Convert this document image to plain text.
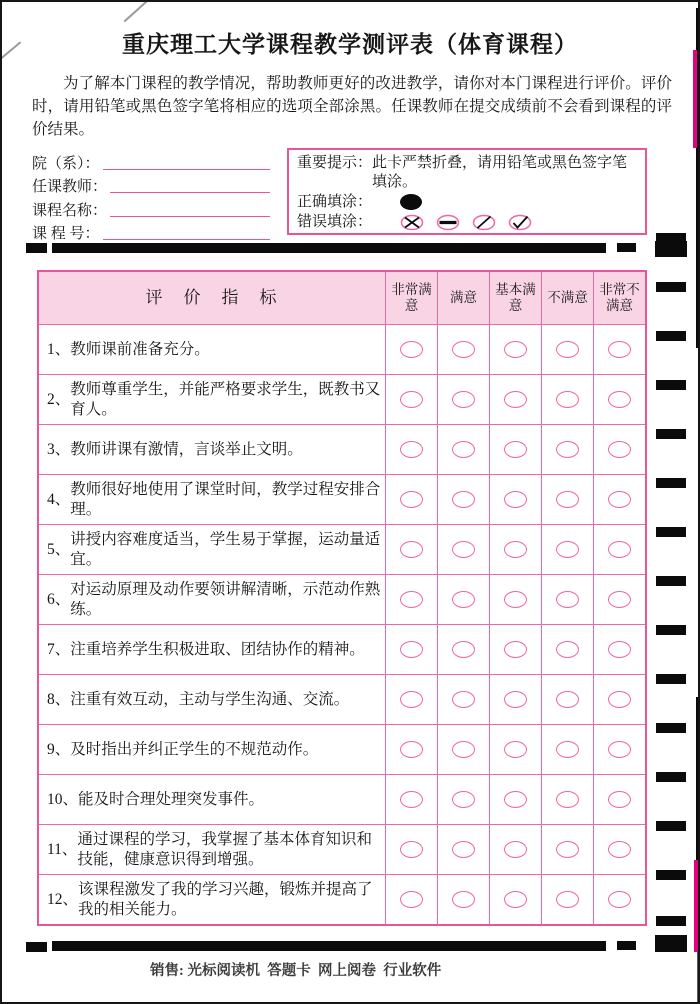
重庆理工大学课程教学测评表（体育课程）
为了解本门课程的教学情况，帮助教师更好的改进教学，请你对本门课程进行评价。评价时，请用铅笔或黑色签字笔将相应的选项全部涂黑。任课教师在提交成绩前不会看到课程的评价结果。
院（系）：
任课教师：
课程名称：
课 程 号：
重要提示： 此卡严禁折叠，请用铅笔或黑色签字笔填涂。
正确填涂：
错误填涂：
评　价　指　标	非常满意
满意
基本满意
不满意
非常不满意
1、 教师课前准备充分。
2、
教师尊重学生，并能严格要求学生，既教书又育人。
3、 教师讲课有激情，言谈举止文明。
4、
教师很好地使用了课堂时间，教学过程安排合理。
5、
讲授内容难度适当，学生易于掌握，运动量适宜。
6、
对运动原理及动作要领讲解清晰，示范动作熟练。
7、 注重培养学生积极进取、团结协作的精神。
8、 注重有效互动，主动与学生沟通、交流。
9、 及时指出并纠正学生的不规范动作。
10、 能及时合理处理突发事件。
11、
通过课程的学习，我掌握了基本体育知识和技能，健康意识得到增强。
12、
该课程激发了我的学习兴趣，锻炼并提高了我的相关能力。
销售: 光标阅读机  答题卡  网上阅卷  行业软件
